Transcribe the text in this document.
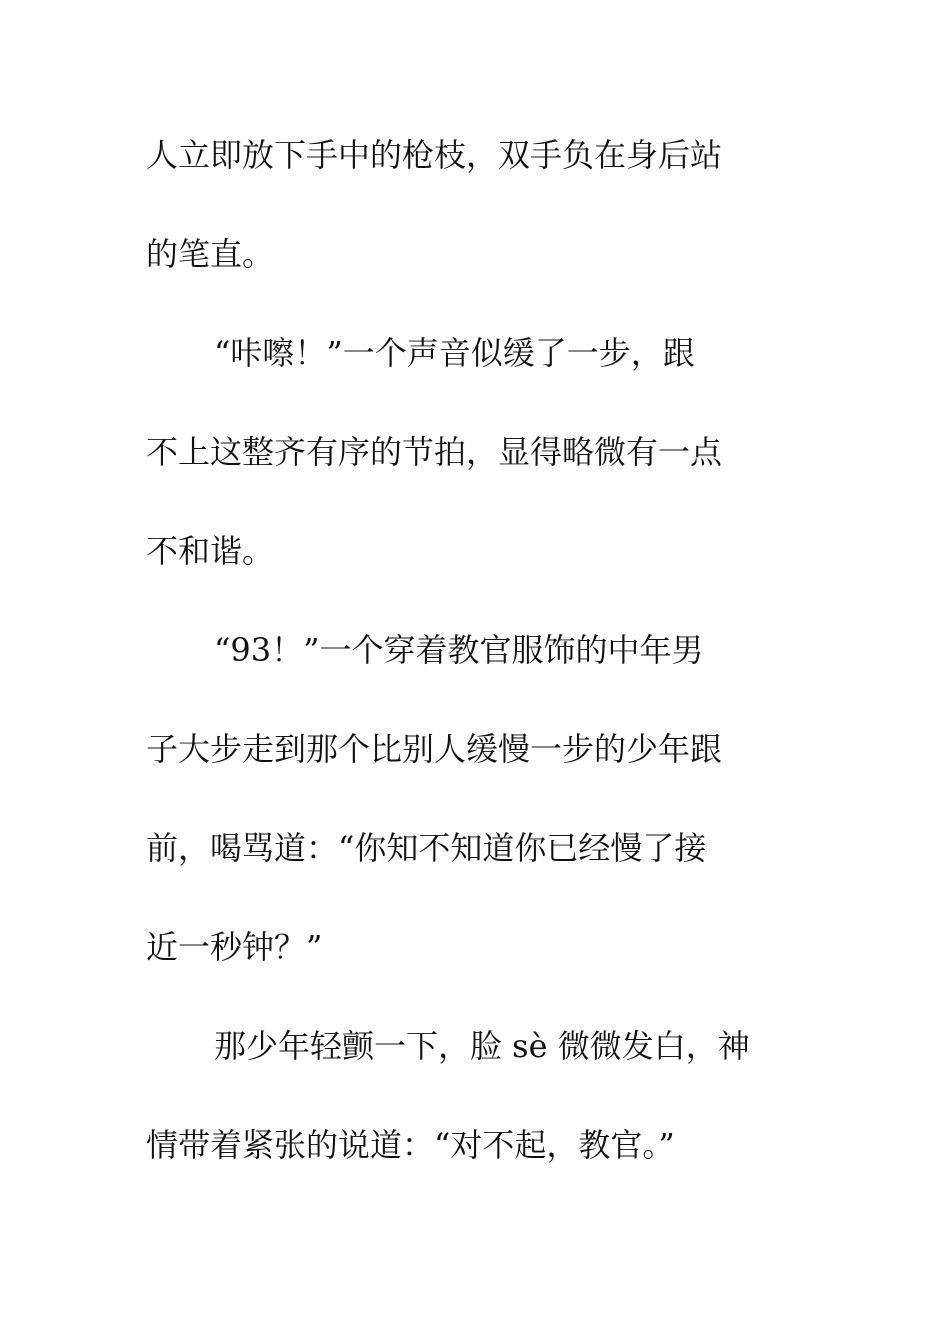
人立即放下手中的枪枝，双手负在身后站
的笔直。
“咔嚓！”一个声音似缓了一步，跟
不上这整齐有序的节拍，显得略微有一点
不和谐。
“93！”一个穿着教官服饰的中年男
子大步走到那个比别人缓慢一步的少年跟
前，喝骂道：“你知不知道你已经慢了接
近一秒钟？”
那少年轻颤一下，脸 sè 微微发白，神
情带着紧张的说道：“对不起，教官。”
